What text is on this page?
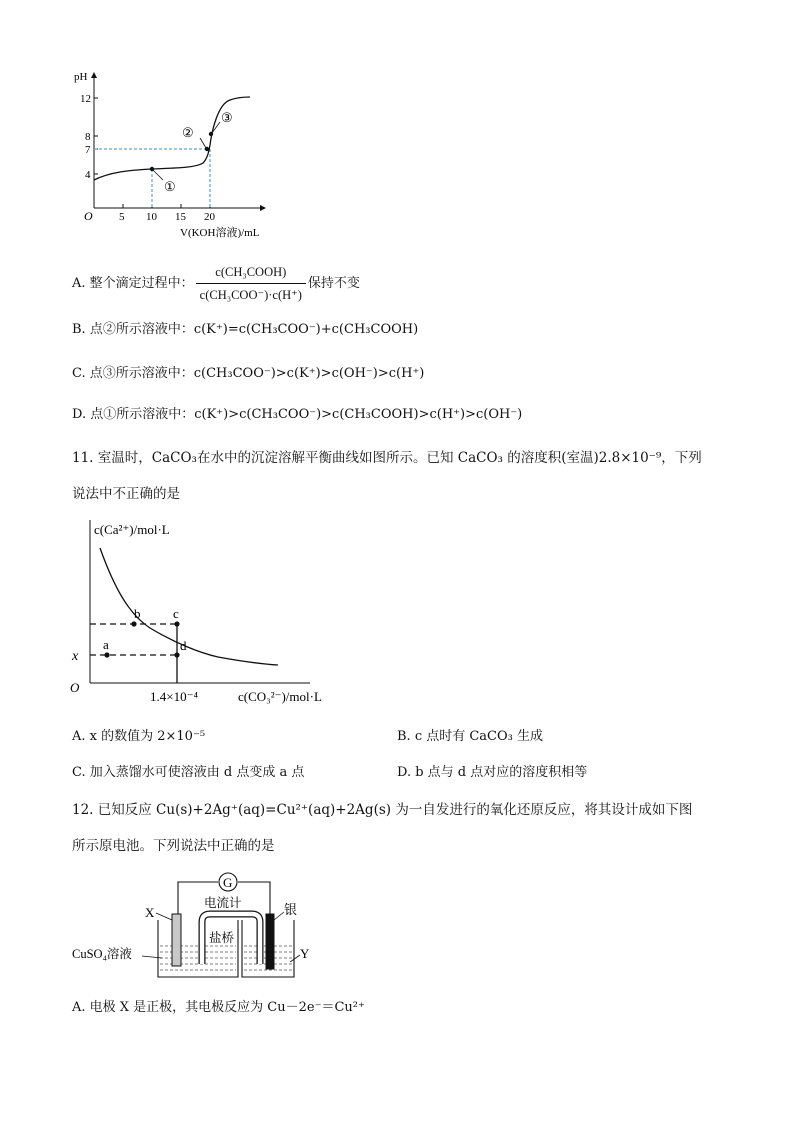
pH
O
12
8
7
4
5 10 15 20
V(KOH溶液)/mL
①
②
③
A. 整个滴定过程中： $\frac{\text{c(CH₃COOH)}}{\text{c(CH₃COO⁻)·c(H⁺)}}$ 保持不变
B. 点②所示溶液中：c(K⁺)=c(CH₃COO⁻)+c(CH₃COOH)
C. 点③所示溶液中：c(CH₃COO⁻)>c(K⁺)>c(OH⁻)>c(H⁺)
D. 点①所示溶液中：c(K⁺)>c(CH₃COO⁻)>c(CH₃COOH)>c(H⁺)>c(OH⁻)
11. 室温时，CaCO₃在水中的沉淀溶解平衡曲线如图所示。已知 CaCO₃ 的溶度积(室温)2.8×10⁻⁹，下列
说法中不正确的是
c(Ca²⁺)/mol·L
O
a
b	c
d
x
1.4×10⁻⁴	c(CO₃²⁻)/mol·L
A. x 的数值为 2×10⁻⁵	B. c 点时有 CaCO₃ 生成
C. 加入蒸馏水可使溶液由 d 点变成 a 点	D. b 点与 d 点对应的溶度积相等
12. 已知反应 Cu(s)+2Ag⁺(aq)=Cu²⁺(aq)+2Ag(s) 为一自发进行的氧化还原反应，将其设计成如下图
所示原电池。下列说法中正确的是
G
电流计
盐桥
X	银
CuSO₄溶液	Y
A. 电极 X 是正极，其电极反应为 Cu－2e⁻＝Cu²⁺
